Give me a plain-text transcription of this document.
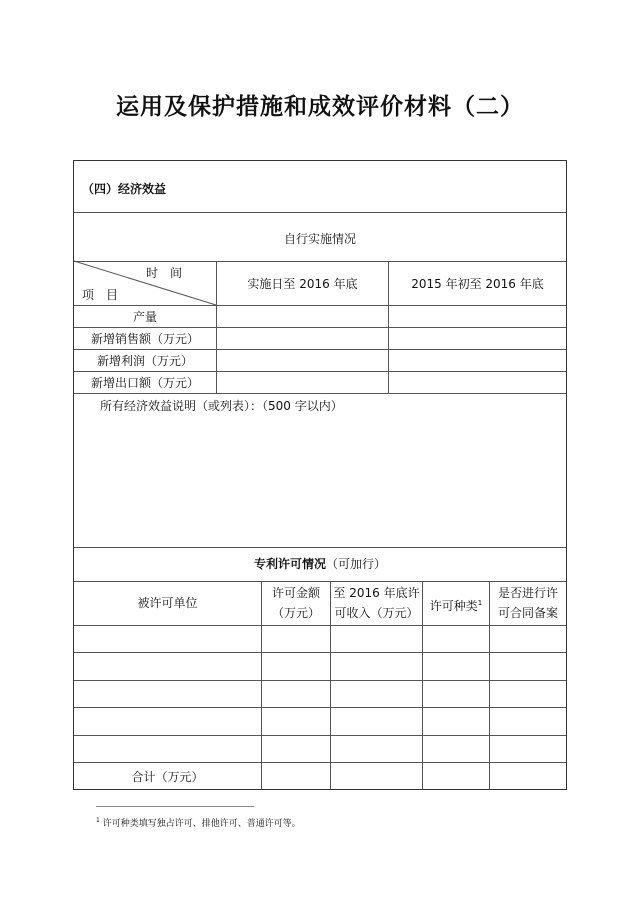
运用及保护措施和成效评价材料（二）
（四）经济效益
自行实施情况
时　间
项　目
实施日至 2016 年底	2015 年初至 2016 年底
产量
新增销售额（万元）
新增利润（万元）
新增出口额（万元）
所有经济效益说明（或列表）：（500 字以内）
专利许可情况（可加行）
被许可单位
许可金额
（万元）
至 2016 年底许
可收入（万元） 许可种类$^1$
是否进行许
可合同备案
合计（万元）
$^1$ 许可种类填写独占许可、排他许可、普通许可等。
